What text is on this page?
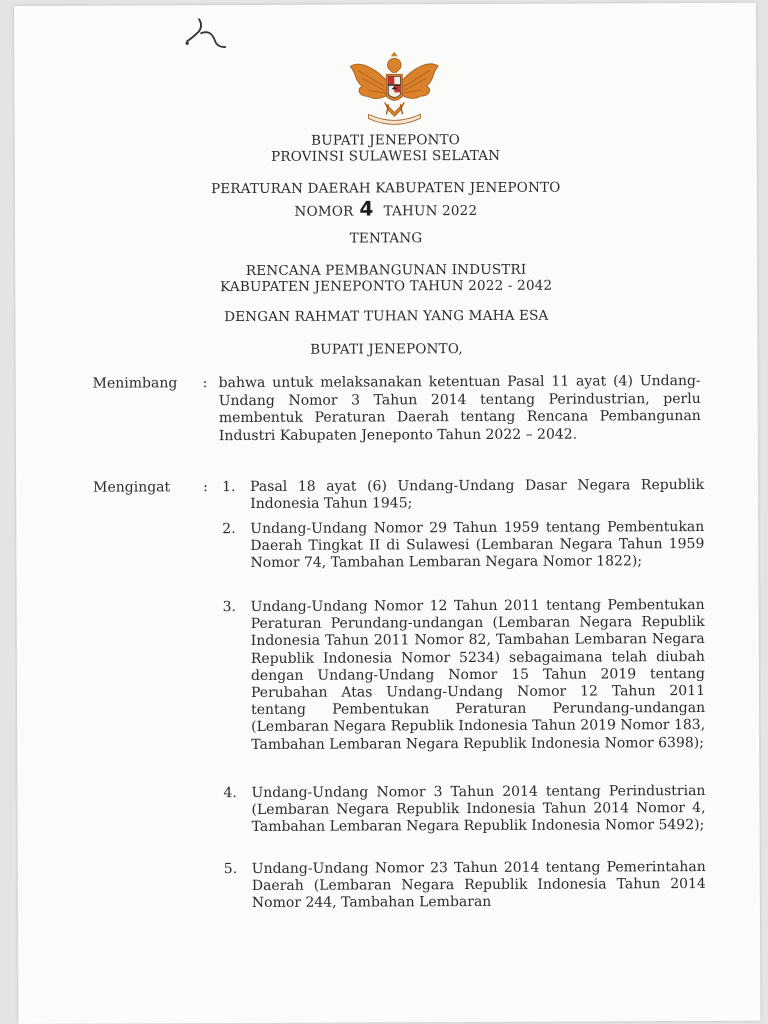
BUPATI JENEPONTO
PROVINSI SULAWESI SELATAN
PERATURAN DAERAH KABUPATEN JENEPONTO
NOMOR 4 TAHUN 2022
TENTANG
RENCANA PEMBANGUNAN INDUSTRI
KABUPATEN JENEPONTO TAHUN 2022 - 2042
DENGAN RAHMAT TUHAN YANG MAHA ESA
BUPATI JENEPONTO,
Menimbang : bahwa untuk melaksanakan ketentuan Pasal 11 ayat (4) Undang-Undang Nomor 3 Tahun 2014 tentang Perindustrian, perlu membentuk Peraturan Daerah tentang Rencana Pembangunan Industri Kabupaten Jeneponto Tahun 2022 – 2042.
Mengingat : 1. Pasal 18 ayat (6) Undang-Undang Dasar Negara Republik Indonesia Tahun 1945;
2. Undang-Undang Nomor 29 Tahun 1959 tentang Pembentukan Daerah Tingkat II di Sulawesi (Lembaran Negara Tahun 1959 Nomor 74, Tambahan Lembaran Negara Nomor 1822);
3. Undang-Undang Nomor 12 Tahun 2011 tentang Pembentukan Peraturan Perundang-undangan (Lembaran Negara Republik Indonesia Tahun 2011 Nomor 82, Tambahan Lembaran Negara Republik Indonesia Nomor 5234) sebagaimana telah diubah dengan Undang-Undang Nomor 15 Tahun 2019 tentang Perubahan Atas Undang-Undang Nomor 12 Tahun 2011 tentang Pembentukan Peraturan Perundang-undangan (Lembaran Negara Republik Indonesia Tahun 2019 Nomor 183, Tambahan Lembaran Negara Republik Indonesia Nomor 6398);
4. Undang-Undang Nomor 3 Tahun 2014 tentang Perindustrian (Lembaran Negara Republik Indonesia Tahun 2014 Nomor 4, Tambahan Lembaran Negara Republik Indonesia Nomor 5492);
5. Undang-Undang Nomor 23 Tahun 2014 tentang Pemerintahan Daerah (Lembaran Negara Republik Indonesia Tahun 2014 Nomor 244, Tambahan Lembaran
